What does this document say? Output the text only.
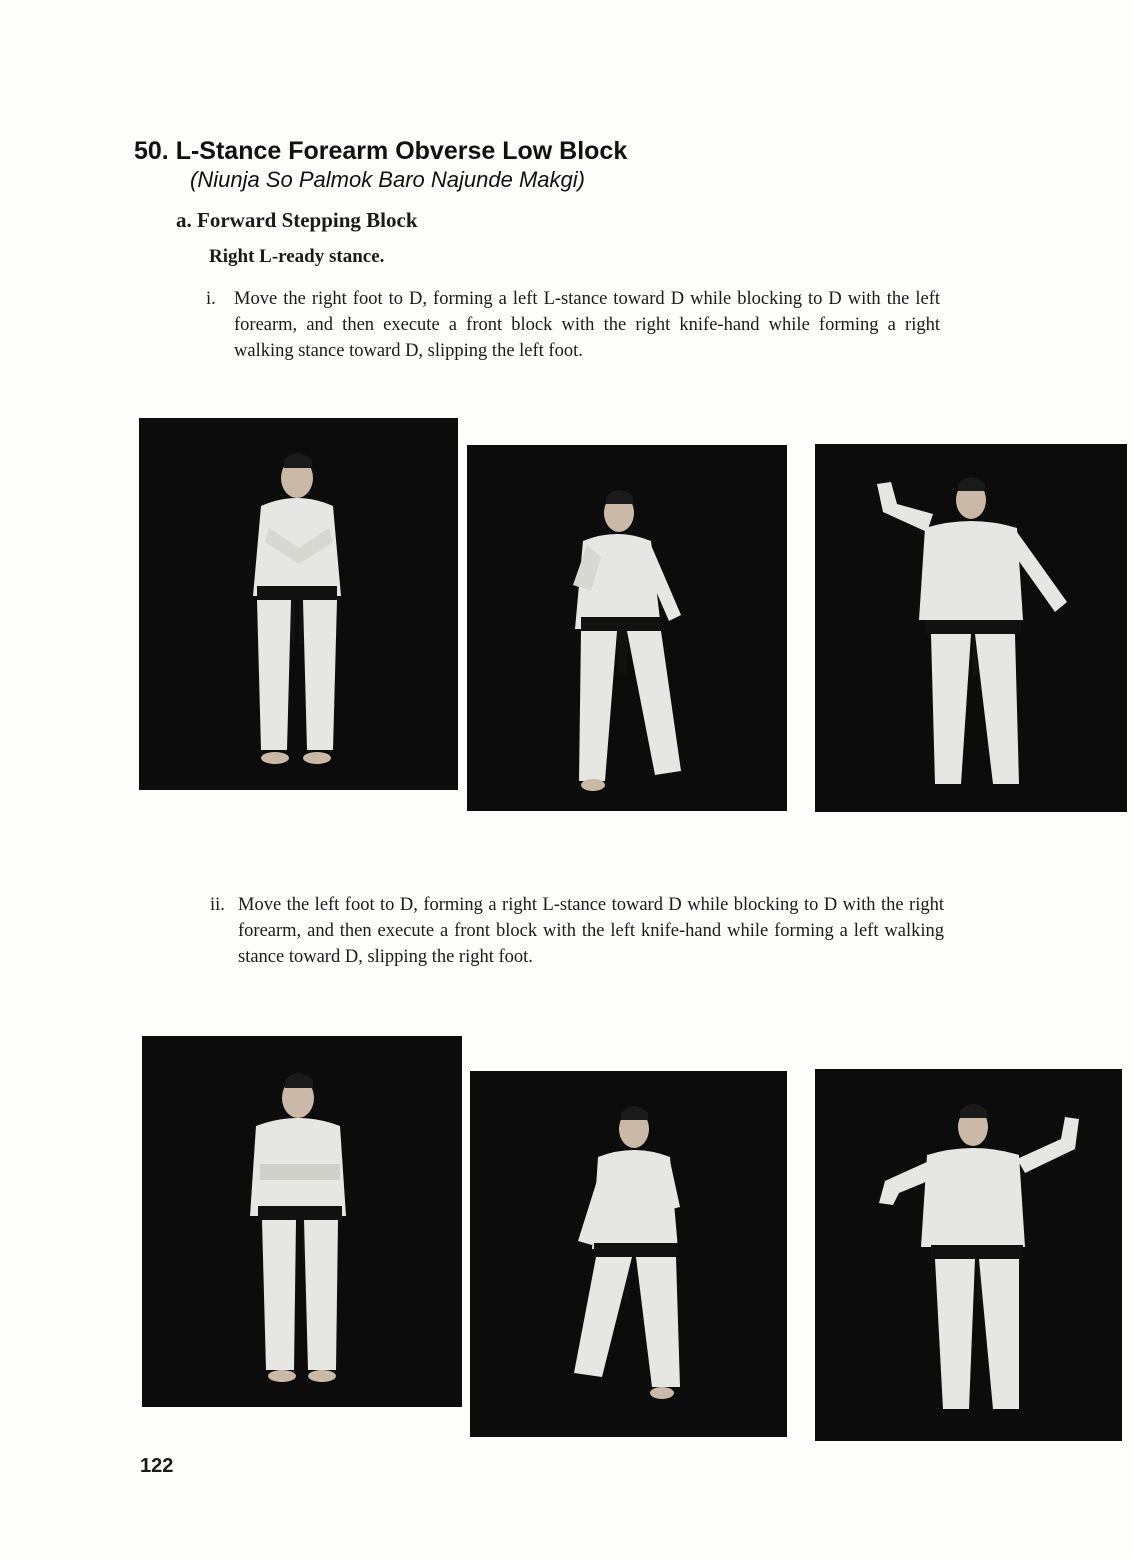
50. L-Stance Forearm Obverse Low Block
(Niunja So Palmok Baro Najunde Makgi)
a. Forward Stepping Block
Right L-ready stance.
i. Move the right foot to D, forming a left L-stance toward D while blocking to D with the left forearm, and then execute a front block with the right knife-hand while forming a right walking stance toward D, slipping the left foot.
ii. Move the left foot to D, forming a right L-stance toward D while blocking to D with the right forearm, and then execute a front block with the left knife-hand while forming a left walking stance toward D, slipping the right foot.
122
